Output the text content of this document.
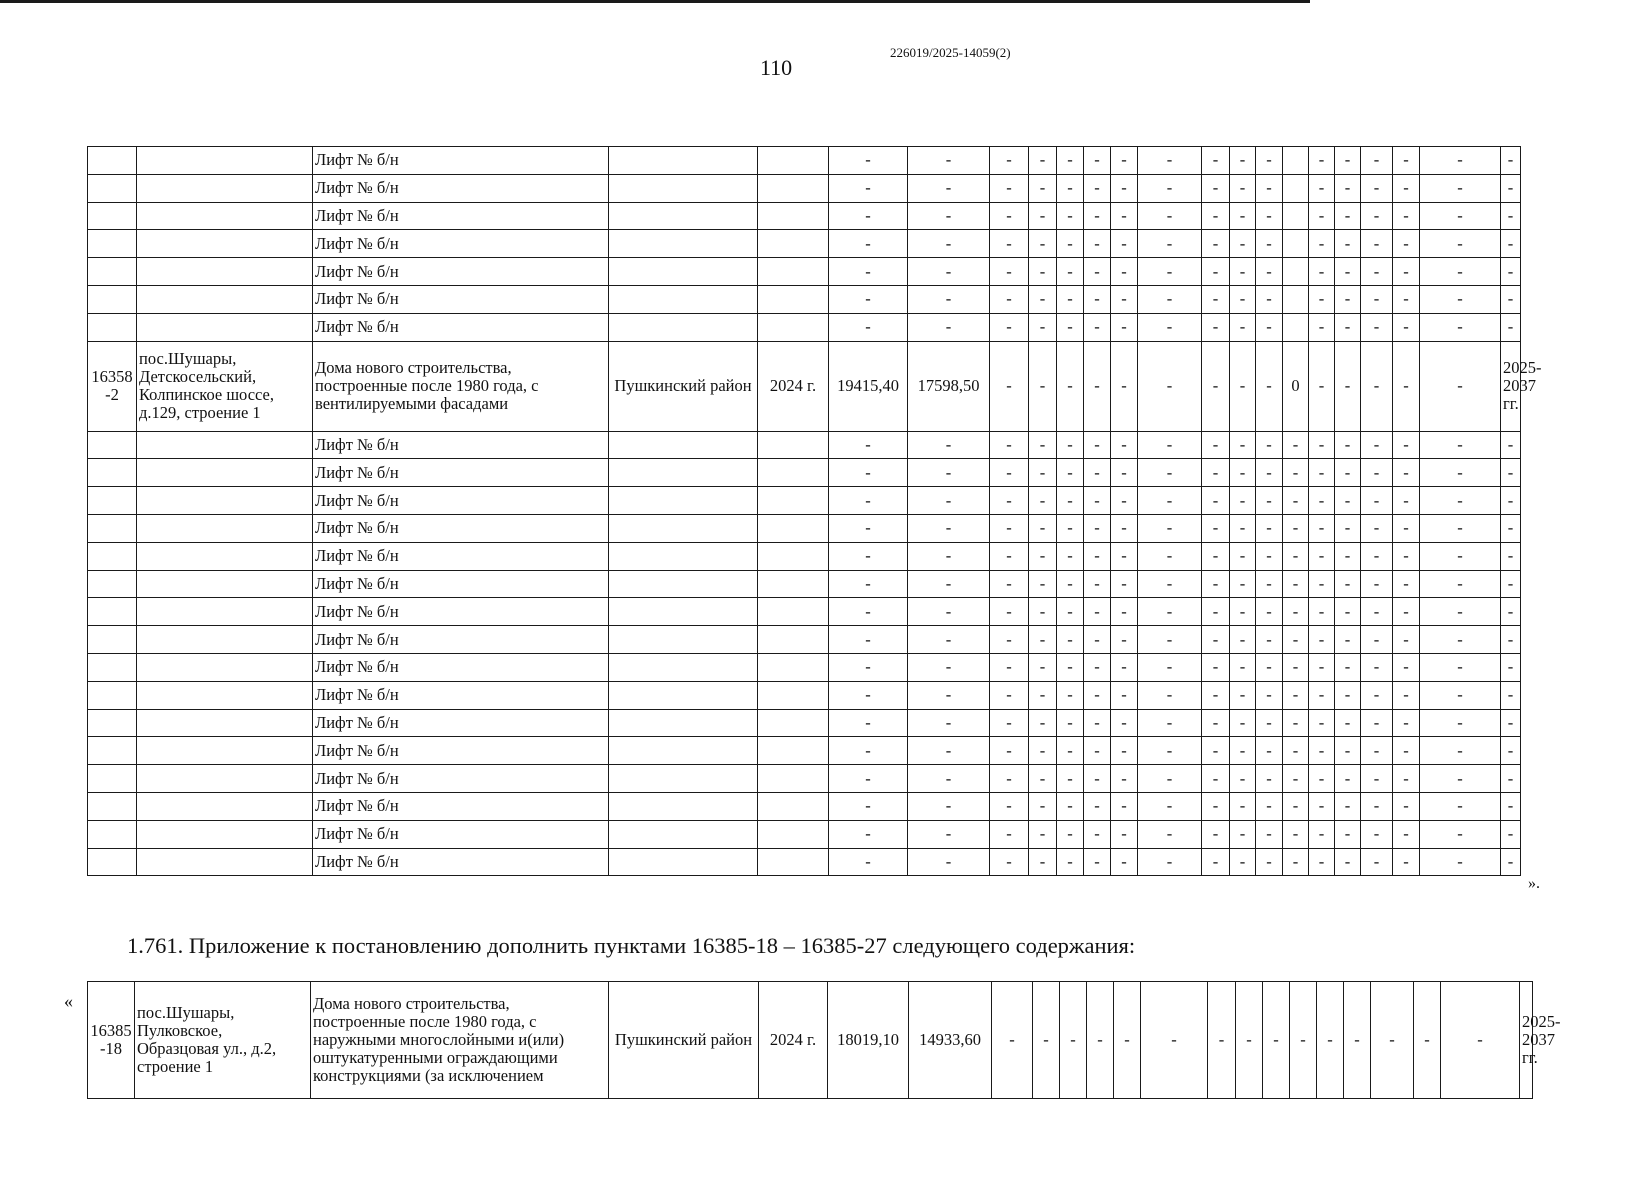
110
226019/2025-14059(2)
		Лифт № б/н			-	-	-	-	-	-	-	-	-	-	-		-	-	-	-	-	-
		Лифт № б/н			-	-	-	-	-	-	-	-	-	-	-		-	-	-	-	-	-
		Лифт № б/н			-	-	-	-	-	-	-	-	-	-	-		-	-	-	-	-	-
		Лифт № б/н			-	-	-	-	-	-	-	-	-	-	-		-	-	-	-	-	-
		Лифт № б/н			-	-	-	-	-	-	-	-	-	-	-		-	-	-	-	-	-
		Лифт № б/н			-	-	-	-	-	-	-	-	-	-	-		-	-	-	-	-	-
		Лифт № б/н			-	-	-	-	-	-	-	-	-	-	-		-	-	-	-	-	-
16358 -2	пос.Шушары, Детскосельский, Колпинское шоссе, д.129, строение 1	Дома нового строительства, построенные после 1980 года, с вентилируемыми фасадами	Пушкинский район	2024 г.	19415,40	17598,50	-	-	-	-	-	-	-	-	-	0	-	-	-	-	-	2025-2037 гг.
		Лифт № б/н			-	-	-	-	-	-	-	-	-	-	-	-	-	-	-	-	-	-
		Лифт № б/н			-	-	-	-	-	-	-	-	-	-	-	-	-	-	-	-	-	-
		Лифт № б/н			-	-	-	-	-	-	-	-	-	-	-	-	-	-	-	-	-	-
		Лифт № б/н			-	-	-	-	-	-	-	-	-	-	-	-	-	-	-	-	-	-
		Лифт № б/н			-	-	-	-	-	-	-	-	-	-	-	-	-	-	-	-	-	-
		Лифт № б/н			-	-	-	-	-	-	-	-	-	-	-	-	-	-	-	-	-	-
		Лифт № б/н			-	-	-	-	-	-	-	-	-	-	-	-	-	-	-	-	-	-
		Лифт № б/н			-	-	-	-	-	-	-	-	-	-	-	-	-	-	-	-	-	-
		Лифт № б/н			-	-	-	-	-	-	-	-	-	-	-	-	-	-	-	-	-	-
		Лифт № б/н			-	-	-	-	-	-	-	-	-	-	-	-	-	-	-	-	-	-
		Лифт № б/н			-	-	-	-	-	-	-	-	-	-	-	-	-	-	-	-	-	-
		Лифт № б/н			-	-	-	-	-	-	-	-	-	-	-	-	-	-	-	-	-	-
		Лифт № б/н			-	-	-	-	-	-	-	-	-	-	-	-	-	-	-	-	-	-
		Лифт № б/н			-	-	-	-	-	-	-	-	-	-	-	-	-	-	-	-	-	-
		Лифт № б/н			-	-	-	-	-	-	-	-	-	-	-	-	-	-	-	-	-	-
		Лифт № б/н			-	-	-	-	-	-	-	-	-	-	-	-	-	-	-	-	-	-
».
1.761. Приложение к постановлению дополнить пунктами 16385-18 – 16385-27 следующего содержания:
«
16385 -18	пос.Шушары, Пулковское, Образцовая ул., д.2, строение 1	Дома нового строительства, построенные после 1980 года, с наружными многослойными и(или) оштукатуренными ограждающими конструкциями (за исключением	Пушкинский район	2024 г.	18019,10	14933,60	-	-	-	-	-	-	-	-	-	-	-	-	-	-	-	2025-2037 гг.
